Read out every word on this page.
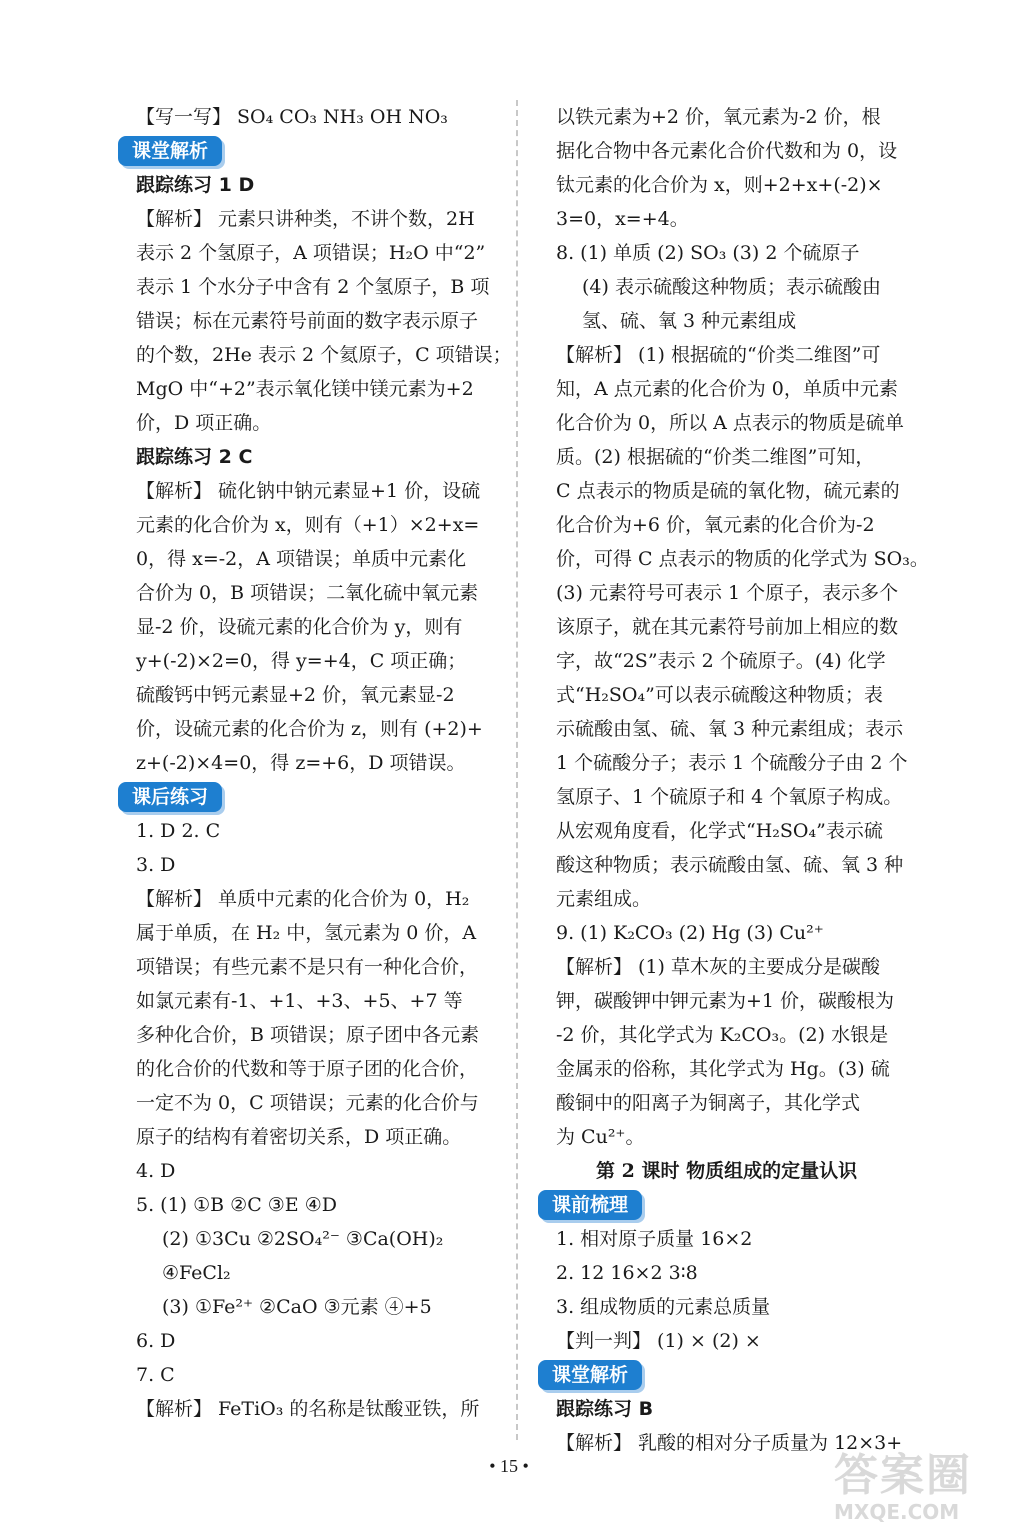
【写一写】 SO₄ CO₃ NH₃ OH NO₃
课堂解析
跟踪练习 1 D
【解析】 元素只讲种类，不讲个数，2H
表示 2 个氢原子，A 项错误；H₂O 中“2”
表示 1 个水分子中含有 2 个氢原子，B 项
错误；标在元素符号前面的数字表示原子
的个数，2He 表示 2 个氦原子，C 项错误；
MgO 中“+2”表示氧化镁中镁元素为+2
价，D 项正确。
跟踪练习 2 C
【解析】 硫化钠中钠元素显+1 价，设硫
元素的化合价为 x，则有（+1）×2+x=
0，得 x=-2，A 项错误；单质中元素化
合价为 0，B 项错误；二氧化硫中氧元素
显-2 价，设硫元素的化合价为 y，则有
y+(-2)×2=0，得 y=+4，C 项正确；
硫酸钙中钙元素显+2 价，氧元素显-2
价，设硫元素的化合价为 z，则有 (+2)+
z+(-2)×4=0，得 z=+6，D 项错误。
课后练习
1. D 2. C
3. D
【解析】 单质中元素的化合价为 0，H₂
属于单质，在 H₂ 中，氢元素为 0 价，A
项错误；有些元素不是只有一种化合价，
如氯元素有-1、+1、+3、+5、+7 等
多种化合价，B 项错误；原子团中各元素
的化合价的代数和等于原子团的化合价，
一定不为 0，C 项错误；元素的化合价与
原子的结构有着密切关系，D 项正确。
4. D
5. (1) ①B ②C ③E ④D
(2) ①3Cu ②2SO₄²⁻ ③Ca(OH)₂
④FeCl₂
(3) ①Fe²⁺ ②CaO ③元素 ④+5
6. D
7. C
【解析】 FeTiO₃ 的名称是钛酸亚铁，所
以铁元素为+2 价，氧元素为-2 价，根
据化合物中各元素化合价代数和为 0，设
钛元素的化合价为 x，则+2+x+(-2)×
3=0，x=+4。
8. (1) 单质 (2) SO₃ (3) 2 个硫原子
(4) 表示硫酸这种物质；表示硫酸由
氢、硫、氧 3 种元素组成
【解析】 (1) 根据硫的“价类二维图”可
知，A 点元素的化合价为 0，单质中元素
化合价为 0，所以 A 点表示的物质是硫单
质。(2) 根据硫的“价类二维图”可知，
C 点表示的物质是硫的氧化物，硫元素的
化合价为+6 价，氧元素的化合价为-2
价，可得 C 点表示的物质的化学式为 SO₃。
(3) 元素符号可表示 1 个原子，表示多个
该原子，就在其元素符号前加上相应的数
字，故“2S”表示 2 个硫原子。(4) 化学
式“H₂SO₄”可以表示硫酸这种物质；表
示硫酸由氢、硫、氧 3 种元素组成；表示
1 个硫酸分子；表示 1 个硫酸分子由 2 个
氢原子、1 个硫原子和 4 个氧原子构成。
从宏观角度看，化学式“H₂SO₄”表示硫
酸这种物质；表示硫酸由氢、硫、氧 3 种
元素组成。
9. (1) K₂CO₃ (2) Hg (3) Cu²⁺
【解析】 (1) 草木灰的主要成分是碳酸
钾，碳酸钾中钾元素为+1 价，碳酸根为
-2 价，其化学式为 K₂CO₃。(2) 水银是
金属汞的俗称，其化学式为 Hg。(3) 硫
酸铜中的阳离子为铜离子，其化学式
为 Cu²⁺。
第 2 课时 物质组成的定量认识
课前梳理
1. 相对原子质量 16×2
2. 12 16×2 3∶8
3. 组成物质的元素总质量
【判一判】 (1) × (2) ×
课堂解析
跟踪练习 B
【解析】 乳酸的相对分子质量为 12×3+
• 15 •	答案圈
MXQE.COM
